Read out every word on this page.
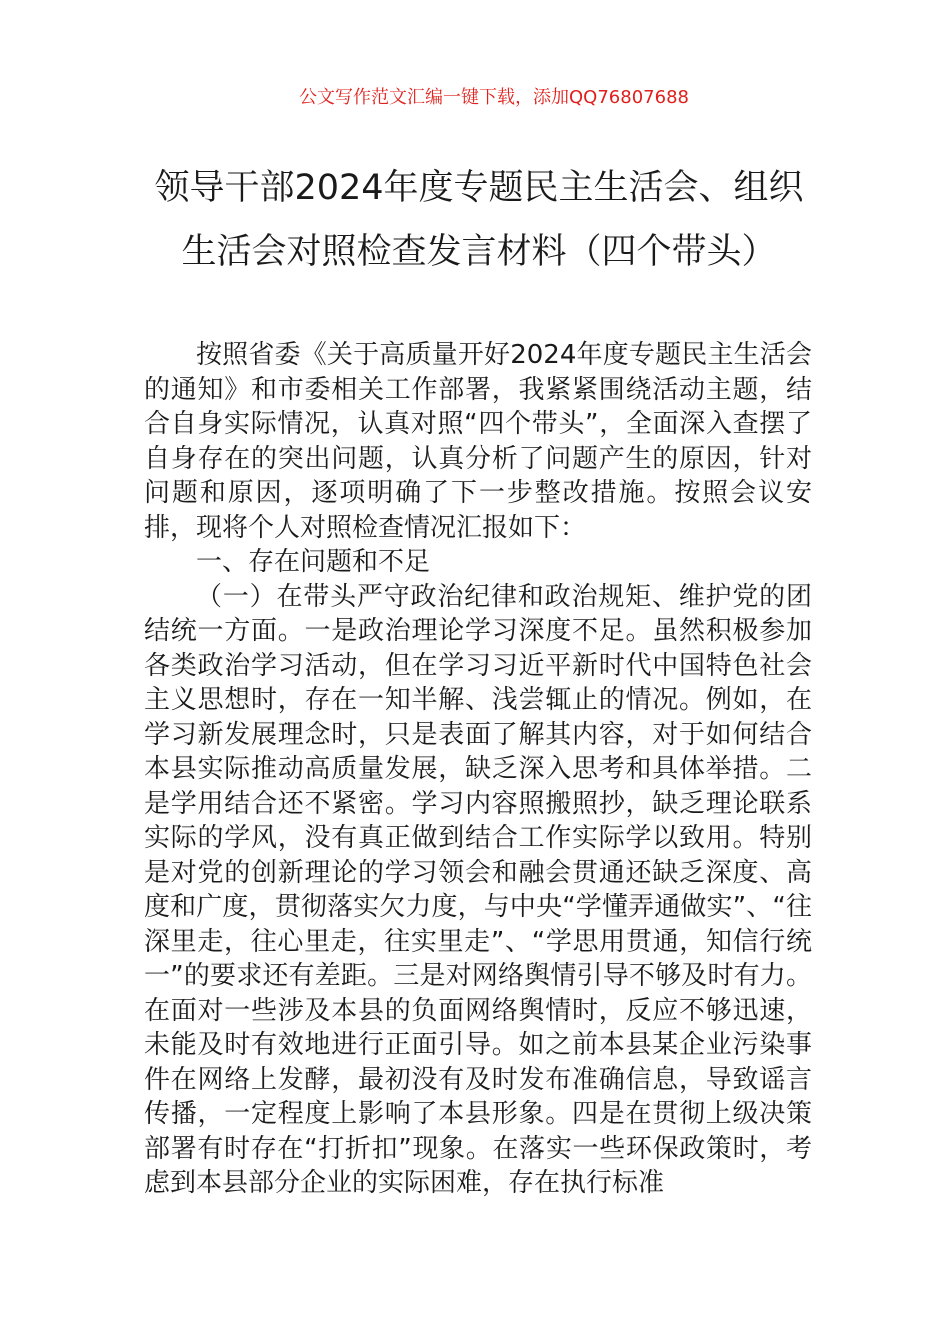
公文写作范文汇编一键下载，添加QQ76807688
领导干部2024年度专题民主生活会、组织
生活会对照检查发言材料（四个带头）

按照省委《关于高质量开好2024年度专题民主生活会的通知》和市委相关工作部署，我紧紧围绕活动主题，结合自身实际情况，认真对照“四个带头”，全面深入查摆了自身存在的突出问题，认真分析了问题产生的原因，针对问题和原因，逐项明确了下一步整改措施。按照会议安排，现将个人对照检查情况汇报如下：

一、存在问题和不足

（一）在带头严守政治纪律和政治规矩、维护党的团结统一方面。一是政治理论学习深度不足。虽然积极参加各类政治学习活动，但在学习习近平新时代中国特色社会主义思想时，存在一知半解、浅尝辄止的情况。例如，在学习新发展理念时，只是表面了解其内容，对于如何结合本县实际推动高质量发展，缺乏深入思考和具体举措。二是学用结合还不紧密。学习内容照搬照抄，缺乏理论联系实际的学风，没有真正做到结合工作实际学以致用。特别是对党的创新理论的学习领会和融会贯通还缺乏深度、高度和广度，贯彻落实欠力度，与中央“学懂弄通做实”、“往深里走，往心里走，往实里走”、“学思用贯通，知信行统一”的要求还有差距。三是对网络舆情引导不够及时有力。在面对一些涉及本县的负面网络舆情时，反应不够迅速，未能及时有效地进行正面引导。如之前本县某企业污染事件在网络上发酵，最初没有及时发布准确信息，导致谣言传播，一定程度上影响了本县形象。四是在贯彻上级决策部署有时存在“打折扣”现象。在落实一些环保政策时，考虑到本县部分企业的实际困难，存在执行标准
